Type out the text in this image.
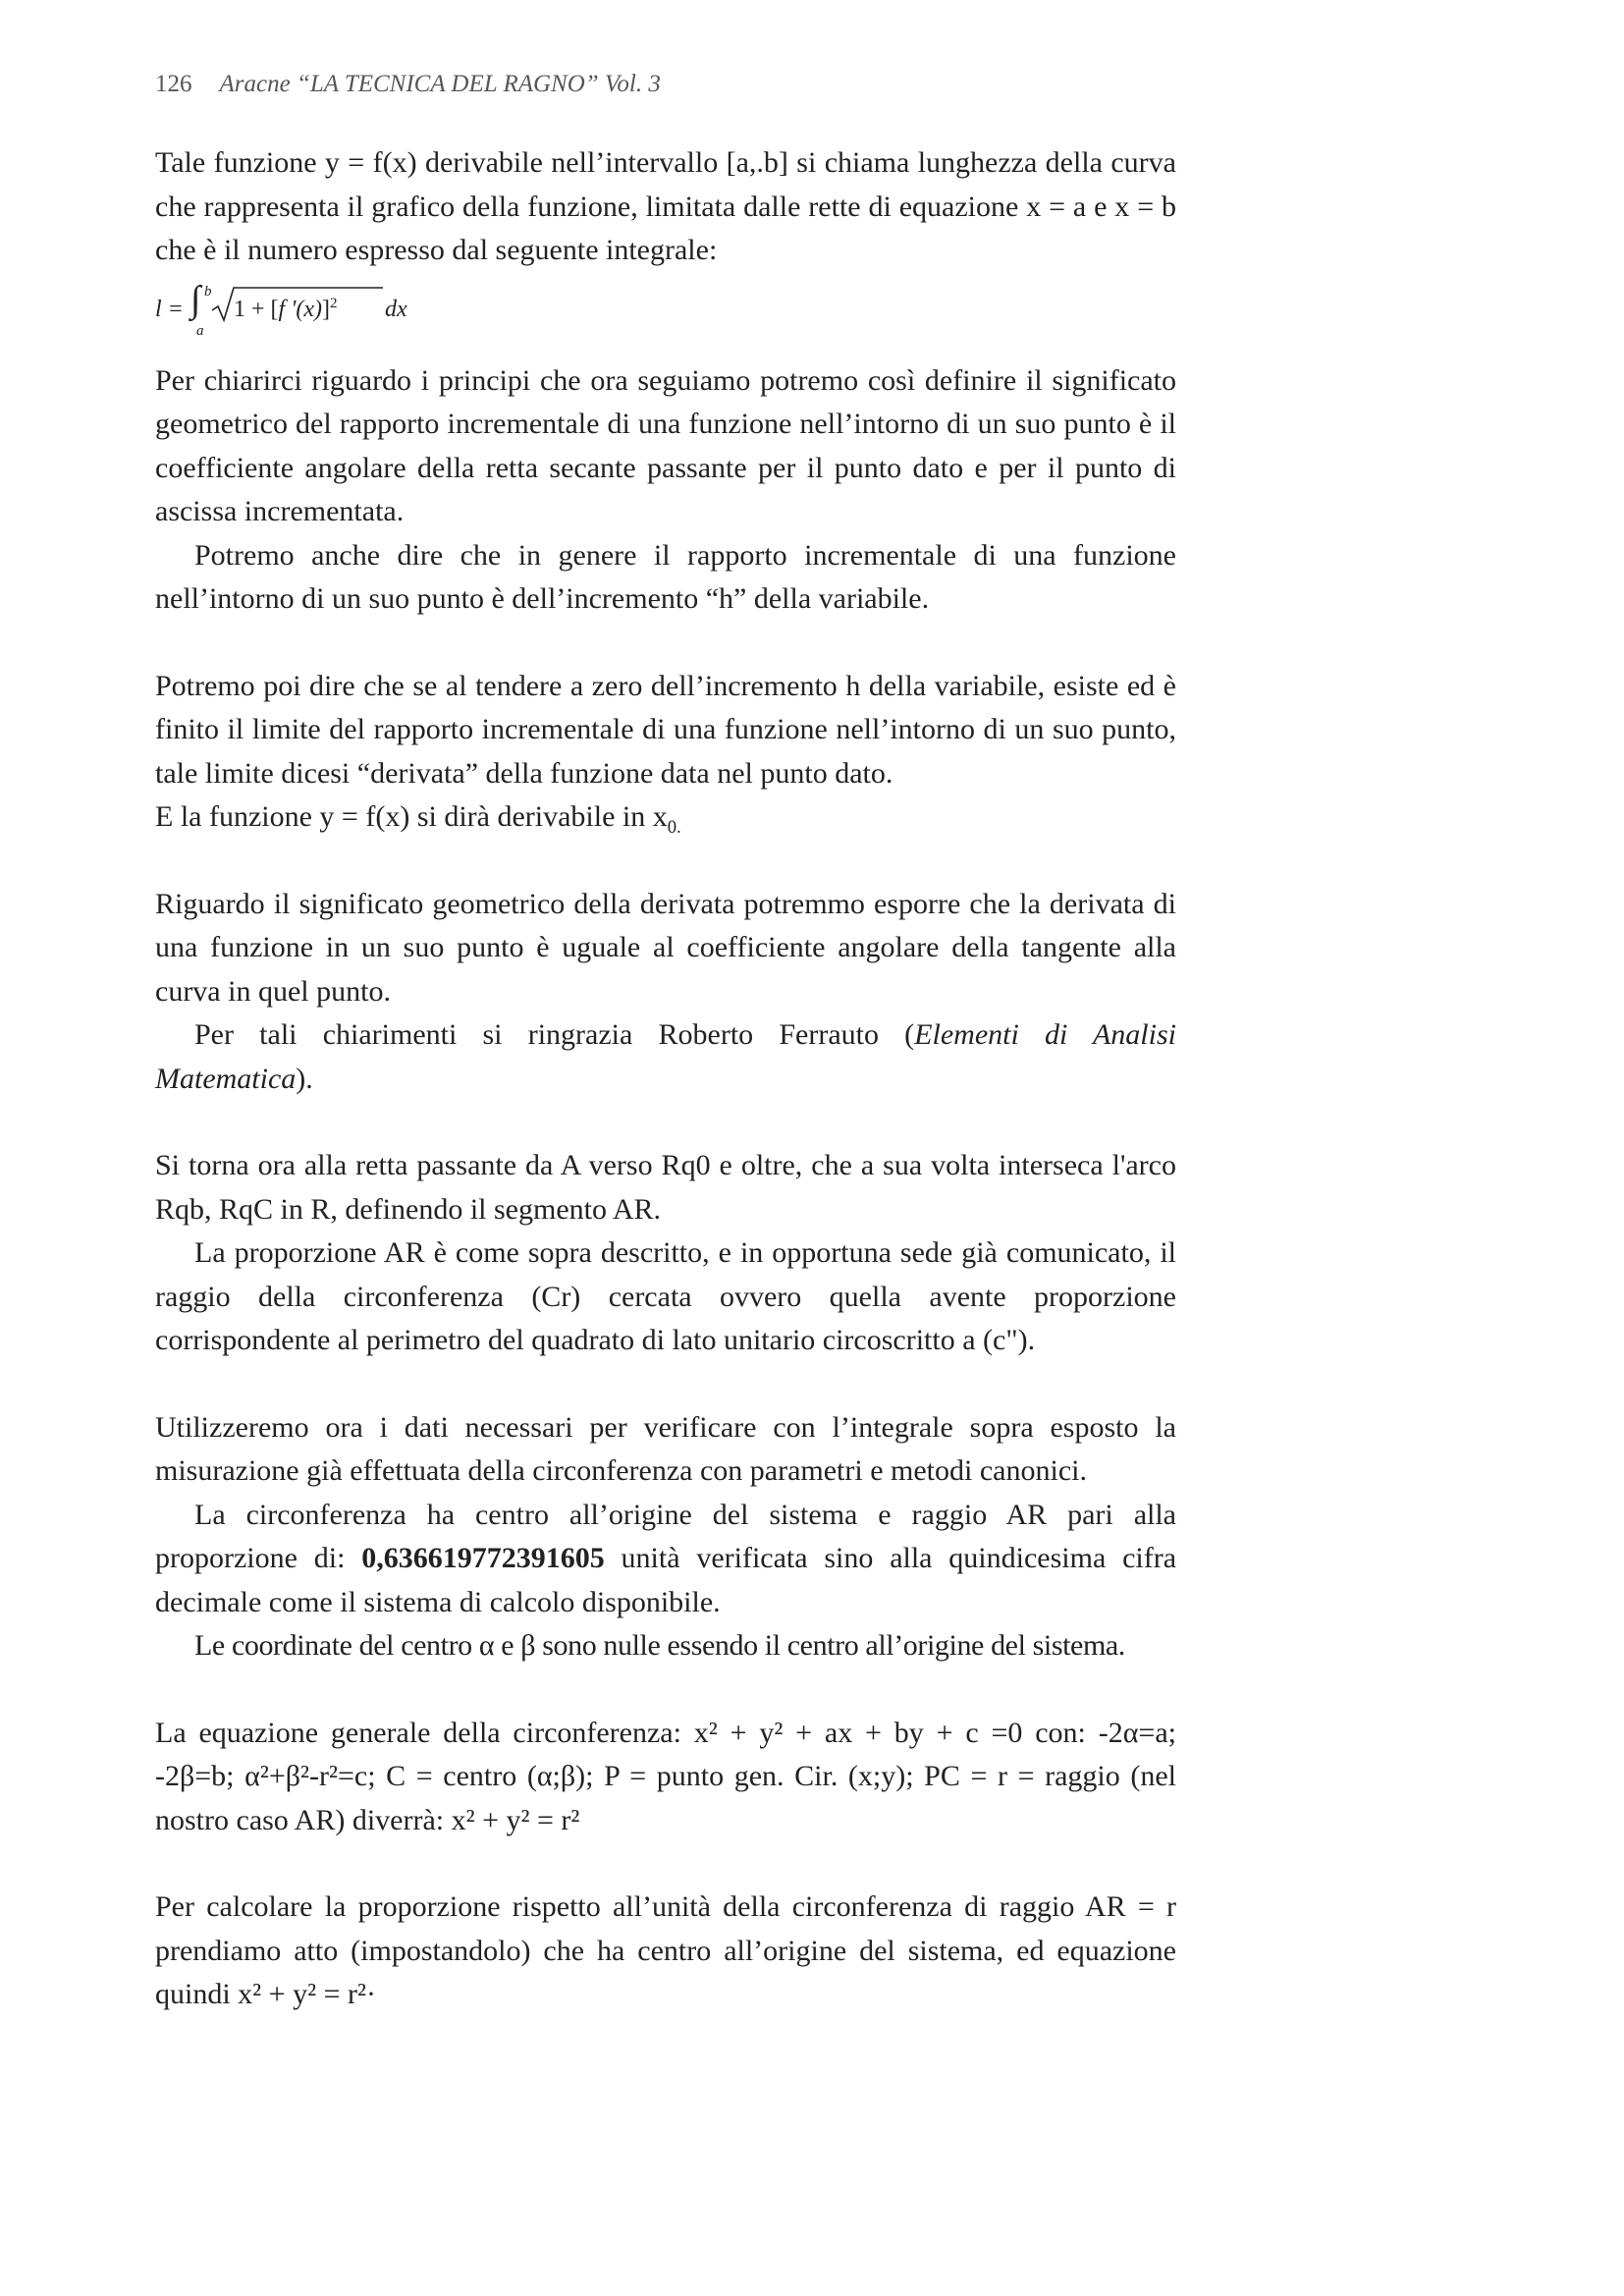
126 Aracne “LA TECNICA DEL RAGNO” Vol. 3

Tale funzione y = f(x) derivabile nell’intervallo [a,.b] si chiama lunghezza della curva che rappresenta il grafico della funzione, limitata dalle rette di equazione x = a e x = b che è il numero espresso dal seguente integrale:

l = ∫ b
a
1 + [f '(x)]$^2$ dx

Per chiarirci riguardo i principi che ora seguiamo potremo così definire il significato geometrico del rapporto incrementale di una funzione nell’intorno di un suo punto è il coefficiente angolare della retta secante passante per il punto dato e per il punto di ascissa incrementata.

Potremo anche dire che in genere il rapporto incrementale di una funzione nell’intorno di un suo punto è dell’incremento “h” della variabile.

Potremo poi dire che se al tendere a zero dell’incremento h della variabile, esiste ed è finito il limite del rapporto incrementale di una funzione nell’intorno di un suo punto, tale limite dicesi “derivata” della funzione data nel punto dato.

E la funzione y = f(x) si dirà derivabile in $x_{0.}$

Riguardo il significato geometrico della derivata potremmo esporre che la derivata di una funzione in un suo punto è uguale al coefficiente angolare della tangente alla curva in quel punto.

Per tali chiarimenti si ringrazia Roberto Ferrauto (Elementi di Analisi Matematica).

Si torna ora alla retta passante da A verso Rq0 e oltre, che a sua volta interseca l'arco Rqb, RqC in R, definendo il segmento AR.

La proporzione AR è come sopra descritto, e in opportuna sede già comunicato, il raggio della circonferenza (Cr) cercata ovvero quella avente proporzione corrispondente al perimetro del quadrato di lato unitario circoscritto a (c").

Utilizzeremo ora i dati necessari per verificare con l’integrale sopra esposto la misurazione già effettuata della circonferenza con parametri e metodi canonici.

La circonferenza ha centro all’origine del sistema e raggio AR pari alla proporzione di: 0,636619772391605 unità verificata sino alla quindicesima cifra decimale come il sistema di calcolo disponibile.

Le coordinate del centro α e β sono nulle essendo il centro all’origine del sistema.

La equazione generale della circonferenza: x² + y² + ax + by + c =0 con: -2α=a; -2β=b; α²+β²-r²=c; C = centro (α;β); P = punto gen. Cir. (x;y); PC = r = raggio (nel nostro caso AR) diverrà: x² + y² = r²

Per calcolare la proporzione rispetto all’unità della circonferenza di raggio AR = r prendiamo atto (impostandolo) che ha centro all’origine del sistema, ed equazione quindi x² + y² = r²·
